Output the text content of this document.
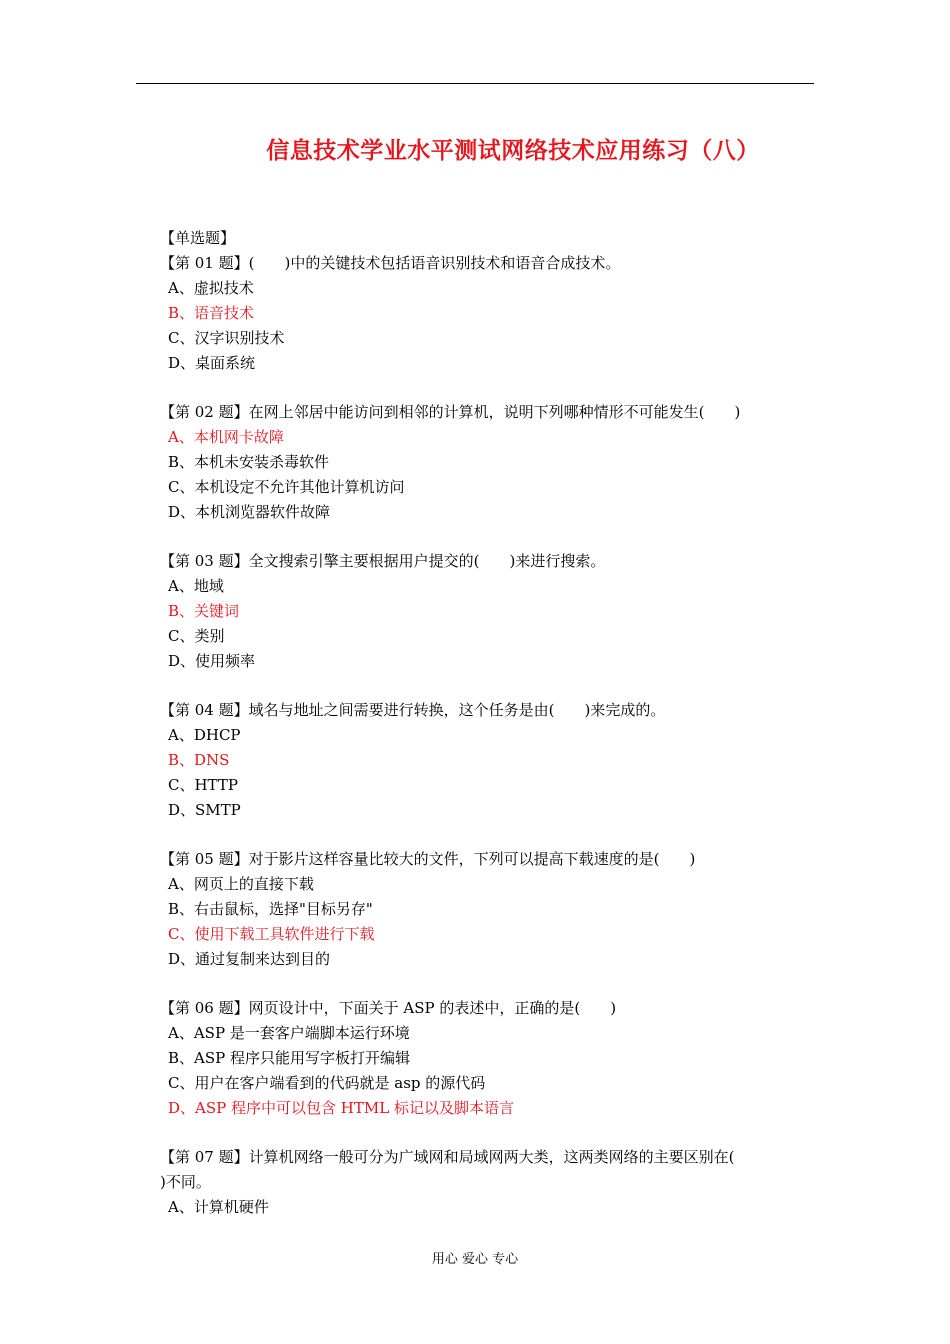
信息技术学业水平测试网络技术应用练习（八）
【单选题】
【第 01 题】(　　)中的关键技术包括语音识别技术和语音合成技术。
A、虚拟技术
B、语音技术
C、汉字识别技术
D、桌面系统
【第 02 题】在网上邻居中能访问到相邻的计算机，说明下列哪种情形不可能发生(　　)
A、本机网卡故障
B、本机未安装杀毒软件
C、本机设定不允许其他计算机访问
D、本机浏览器软件故障
【第 03 题】全文搜索引擎主要根据用户提交的(　　)来进行搜索。
A、地域
B、关键词
C、类别
D、使用频率
【第 04 题】域名与地址之间需要进行转换，这个任务是由(　　)来完成的。
A、DHCP
B、DNS
C、HTTP
D、SMTP
【第 05 题】对于影片这样容量比较大的文件，下列可以提高下载速度的是(　　)
A、网页上的直接下载
B、右击鼠标，选择"目标另存"
C、使用下载工具软件进行下载
D、通过复制来达到目的
【第 06 题】网页设计中，下面关于 ASP 的表述中，正确的是(　　)
A、ASP 是一套客户端脚本运行环境
B、ASP 程序只能用写字板打开编辑
C、用户在客户端看到的代码就是 asp 的源代码
D、ASP 程序中可以包含 HTML 标记以及脚本语言
【第 07 题】计算机网络一般可分为广域网和局域网两大类，这两类网络的主要区别在(
)不同。
A、计算机硬件
用心 爱心 专心
